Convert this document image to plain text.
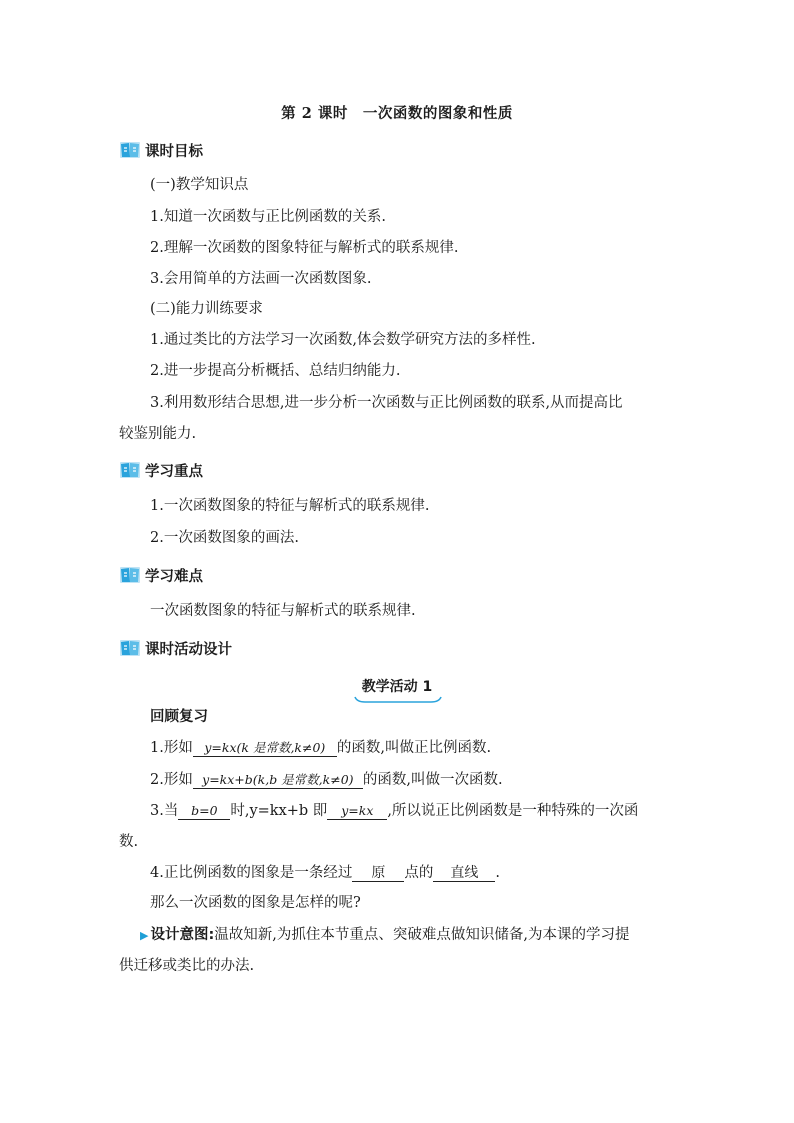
第 2 课时　一次函数的图象和性质
课时目标
(一)教学知识点
1.知道一次函数与正比例函数的关系.
2.理解一次函数的图象特征与解析式的联系规律.
3.会用简单的方法画一次函数图象.
(二)能力训练要求
1.通过类比的方法学习一次函数,体会数学研究方法的多样性.
2.进一步提高分析概括、总结归纳能力.
3.利用数形结合思想,进一步分析一次函数与正比例函数的联系,从而提高比
较鉴别能力.
学习重点
1.一次函数图象的特征与解析式的联系规律.
2.一次函数图象的画法.
学习难点
一次函数图象的特征与解析式的联系规律.
课时活动设计
教学活动 1
回顾复习
1.形如 y=kx(k 是常数,k≠0) 的函数,叫做正比例函数.
2.形如 y=kx+b(k,b 是常数,k≠0) 的函数,叫做一次函数.
3.当 b=0 时,y=kx+b 即 y=kx ,所以说正比例函数是一种特殊的一次函
数.
4.正比例函数的图象是一条经过 原 点的 直线 .
那么一次函数的图象是怎样的呢?
▶ 设计意图:温故知新,为抓住本节重点、突破难点做知识储备,为本课的学习提
供迁移或类比的办法.
